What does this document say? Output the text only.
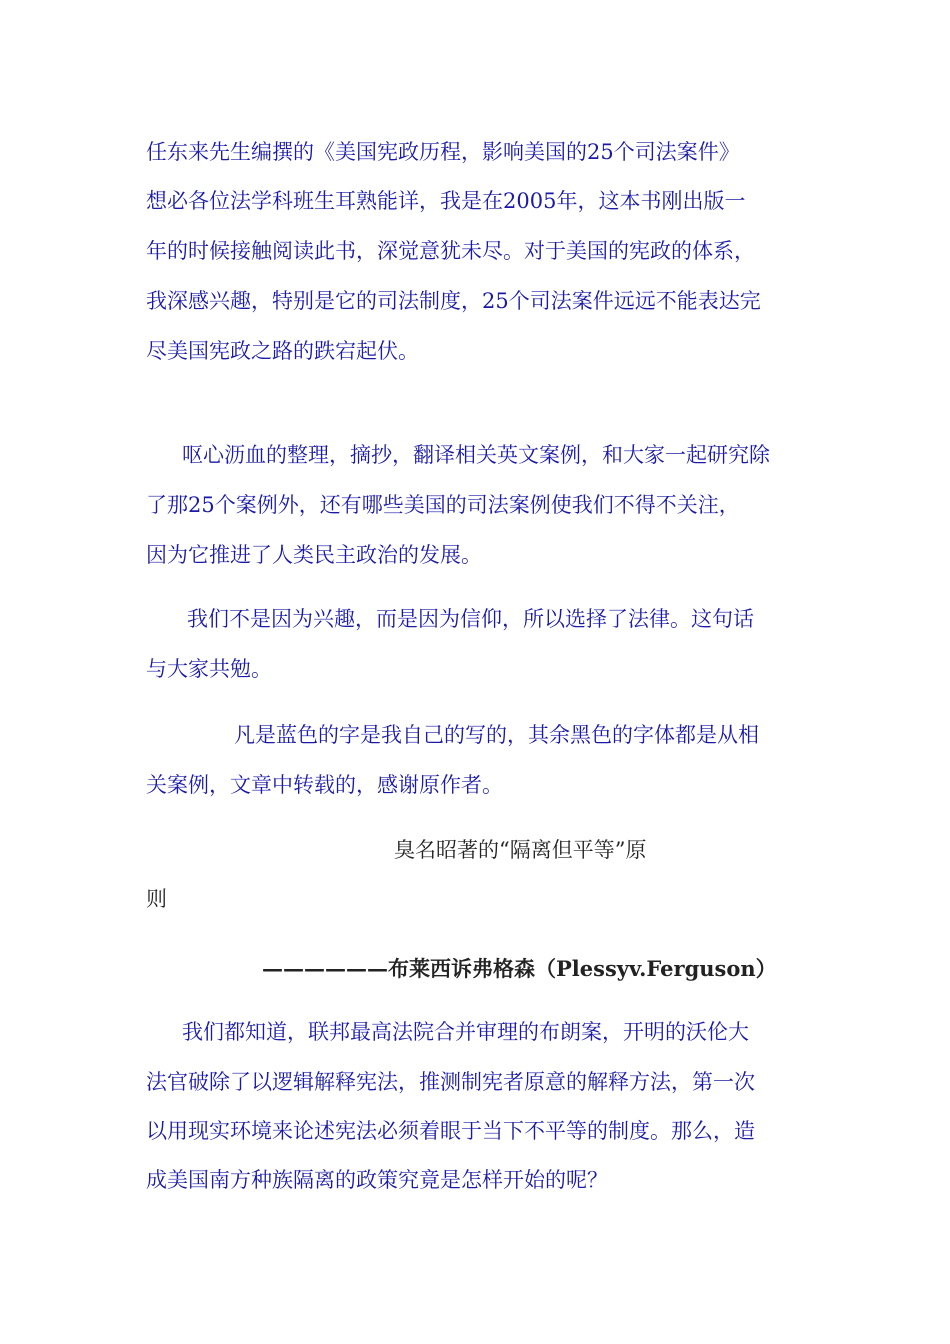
任东来先生编撰的《美国宪政历程，影响美国的25个司法案件》
想必各位法学科班生耳熟能详，我是在2005年，这本书刚出版一
年的时候接触阅读此书，深觉意犹未尽。对于美国的宪政的体系，
我深感兴趣，特别是它的司法制度，25个司法案件远远不能表达完
尽美国宪政之路的跌宕起伏。
呕心沥血的整理，摘抄，翻译相关英文案例，和大家一起研究除
了那25个案例外，还有哪些美国的司法案例使我们不得不关注，
因为它推进了人类民主政治的发展。
我们不是因为兴趣，而是因为信仰，所以选择了法律。这句话
与大家共勉。
凡是蓝色的字是我自己的写的，其余黑色的字体都是从相
关案例，文章中转载的，感谢原作者。
臭名昭著的“隔离但平等”原
则
——————布莱西诉弗格森（Plessyv.Ferguson）
我们都知道，联邦最高法院合并审理的布朗案，开明的沃伦大
法官破除了以逻辑解释宪法，推测制宪者原意的解释方法，第一次
以用现实环境来论述宪法必须着眼于当下不平等的制度。那么，造
成美国南方种族隔离的政策究竟是怎样开始的呢？
